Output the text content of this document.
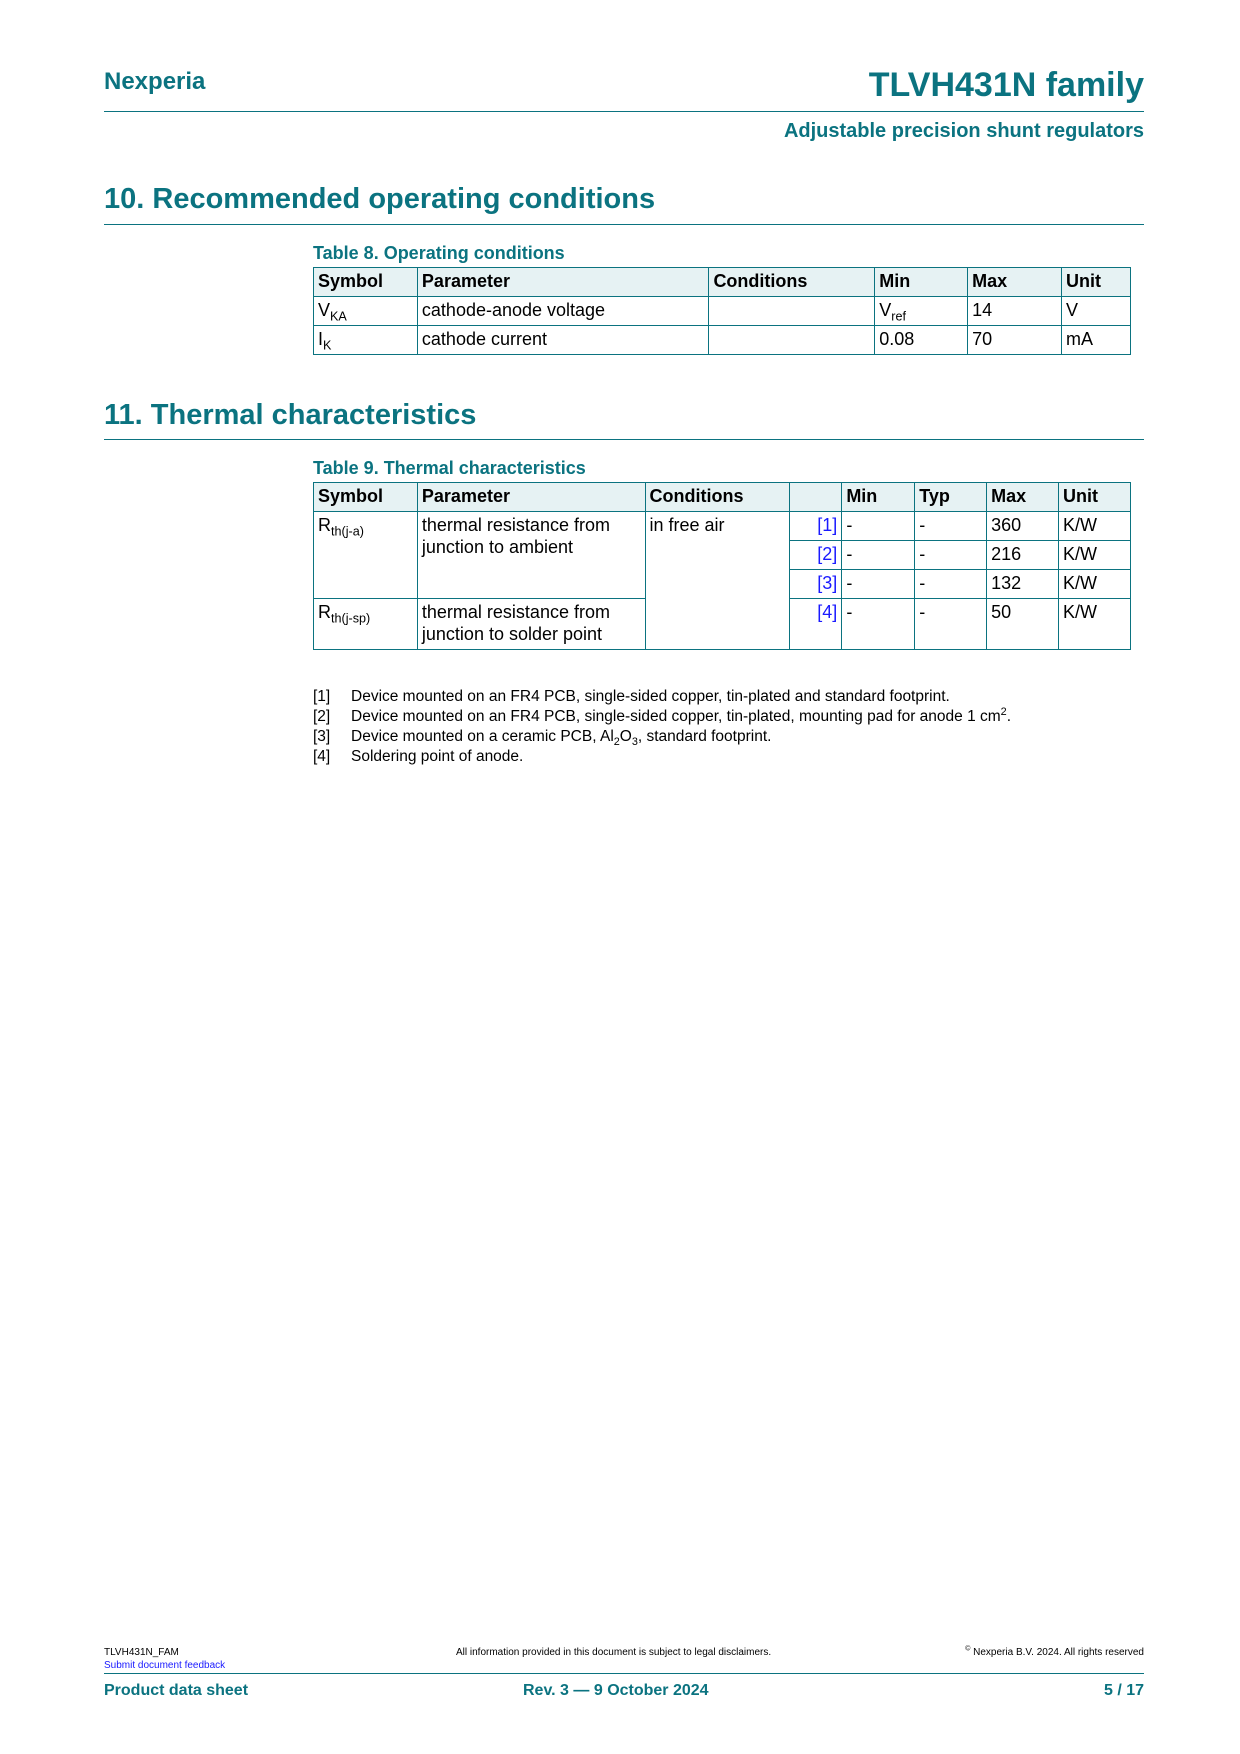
Nexperia	TLVH431N family
Adjustable precision shunt regulators
10. Recommended operating conditions
Table 8. Operating conditions
Symbol	Parameter	Conditions	Min	Max	Unit
$V_{KA}$	cathode-anode voltage		$V_{ref}$	14	V
$I_K$	cathode current		0.08	70	mA
11. Thermal characteristics
Table 9. Thermal characteristics
Symbol	Parameter	Conditions		Min	Typ	Max	Unit
$R_{th(j-a)}$	thermal resistance from junction to ambient	in free air	[1]	-	-	360	K/W
			[2]	-	-	216	K/W
			[3]	-	-	132	K/W
$R_{th(j-sp)}$	thermal resistance from junction to solder point		[4]	-	-	50	K/W
[1]	Device mounted on an FR4 PCB, single-sided copper, tin-plated and standard footprint.
[2]	Device mounted on an FR4 PCB, single-sided copper, tin-plated, mounting pad for anode 1 $cm^2$.
[3]	Device mounted on a ceramic PCB, $Al_2O_3$, standard footprint.
[4]	Soldering point of anode.
TLVH431N_FAM
Submit document feedback
All information provided in this document is subject to legal disclaimers.	© Nexperia B.V. 2024. All rights reserved
Product data sheet	Rev. 3 — 9 October 2024	5 / 17
